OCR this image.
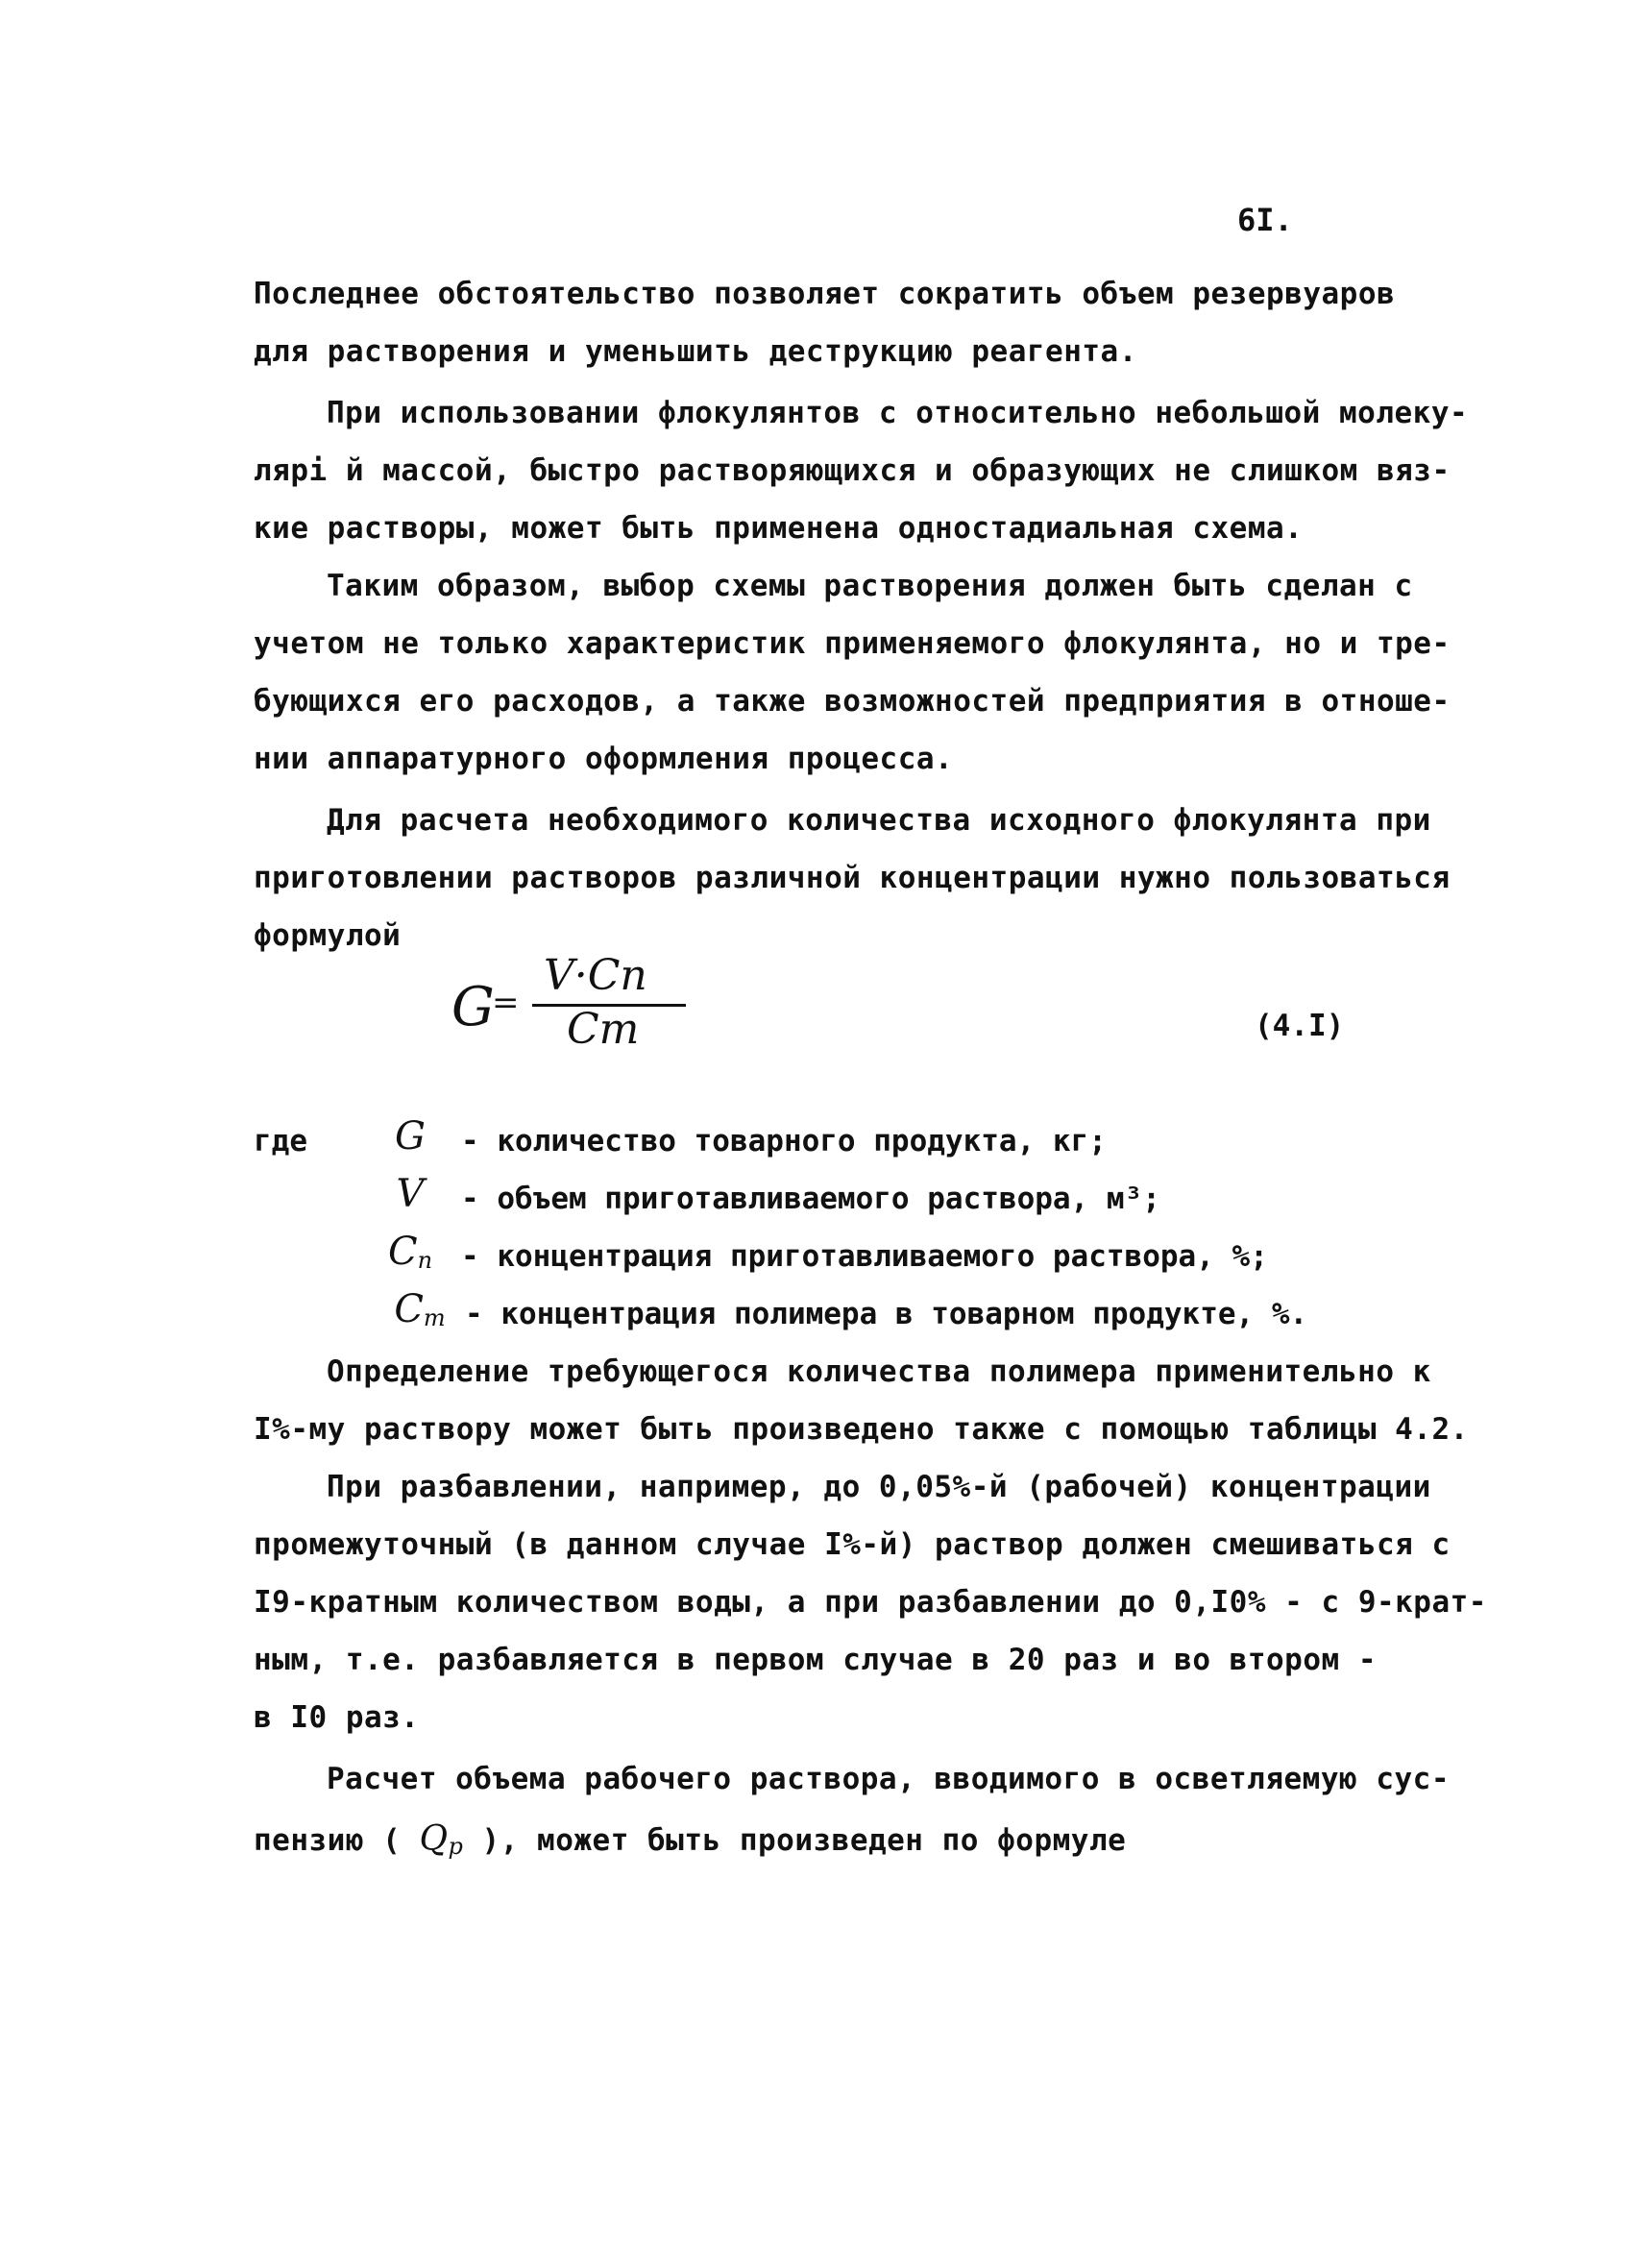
6I.
Последнее обстоятельство позволяет сократить объем резервуаров
для растворения и уменьшить деструкцию реагента.
При использовании флокулянтов с относительно небольшой молеку-
лярі й массой, быстро растворяющихся и образующих не слишком вяз-
кие растворы, может быть применена одностадиальная схема.
Таким образом, выбор схемы растворения должен быть сделан с
учетом не только характеристик применяемого флокулянта, но и тре-
бующихся его расходов, а также возможностей предприятия в отноше-
нии аппаратурного оформления процесса.
Для расчета необходимого количества исходного флокулянта при
приготовлении растворов различной концентрации нужно пользоваться
формулой
G
=
V·Cп
Cт	(4.I)
где	G	- количество товарного продукта, кг;
V	- объем приготавливаемого раствора, м³;
Cп - концентрация приготавливаемого раствора, %;
Cт - концентрация полимера в товарном продукте, %.
Определение требующегося количества полимера применительно к
I%-му раствору может быть произведено также с помощью таблицы 4.2.
При разбавлении, например, до 0,05%-й (рабочей) концентрации
промежуточный (в данном случае I%-й) раствор должен смешиваться с
I9-кратным количеством воды, а при разбавлении до 0,I0% - с 9-крат-
ным, т.е. разбавляется в первом случае в 20 раз и во втором -
в I0 раз.
Расчет объема рабочего раствора, вводимого в осветляемую сус-
пензию ( Qр ), может быть произведен по формуле
